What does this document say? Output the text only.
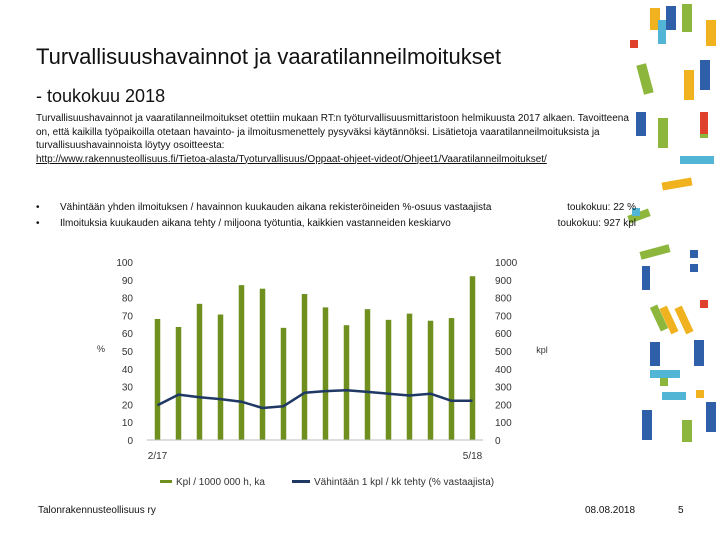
Turvallisuushavainnot ja vaaratilanneilmoitukset
- toukokuu 2018
Turvallisuushavainnot ja vaaratilanneilmoitukset otettiin mukaan RT:n työturvallisuusmittaristoon helmikuusta 2017 alkaen. Tavoitteena on, että kaikilla työpaikoilla otetaan havainto- ja ilmoitusmenettely pysyväksi käytännöksi. Lisätietoja vaaratilanneilmoituksista ja turvallisuushavainnoista löytyy osoitteesta:
http://www.rakennusteollisuus.fi/Tietoa-alasta/Tyoturvallisuus/Oppaat-ohjeet-videot/Ohjeet1/Vaaratilanneilmoitukset/
• Vähintään yhden ilmoituksen / havainnon kuukauden aikana rekisteröineiden %-osuus vastaajista	toukokuu: 22 %
• Ilmoituksia kuukauden aikana tehty / miljoona työtuntia, kaikkien vastanneiden keskiarvo	toukokuu: 927 kpl
100
90
80
70
60
50
40
30
20
10
0
1000
900
800
700
600
500
400
300
200
100
0
%	kpl
2/17	5/18
Kpl / 1000 000 h, ka	Vähintään 1 kpl / kk tehty (% vastaajista)
Talonrakennusteollisuus ry	08.08.2018	5
